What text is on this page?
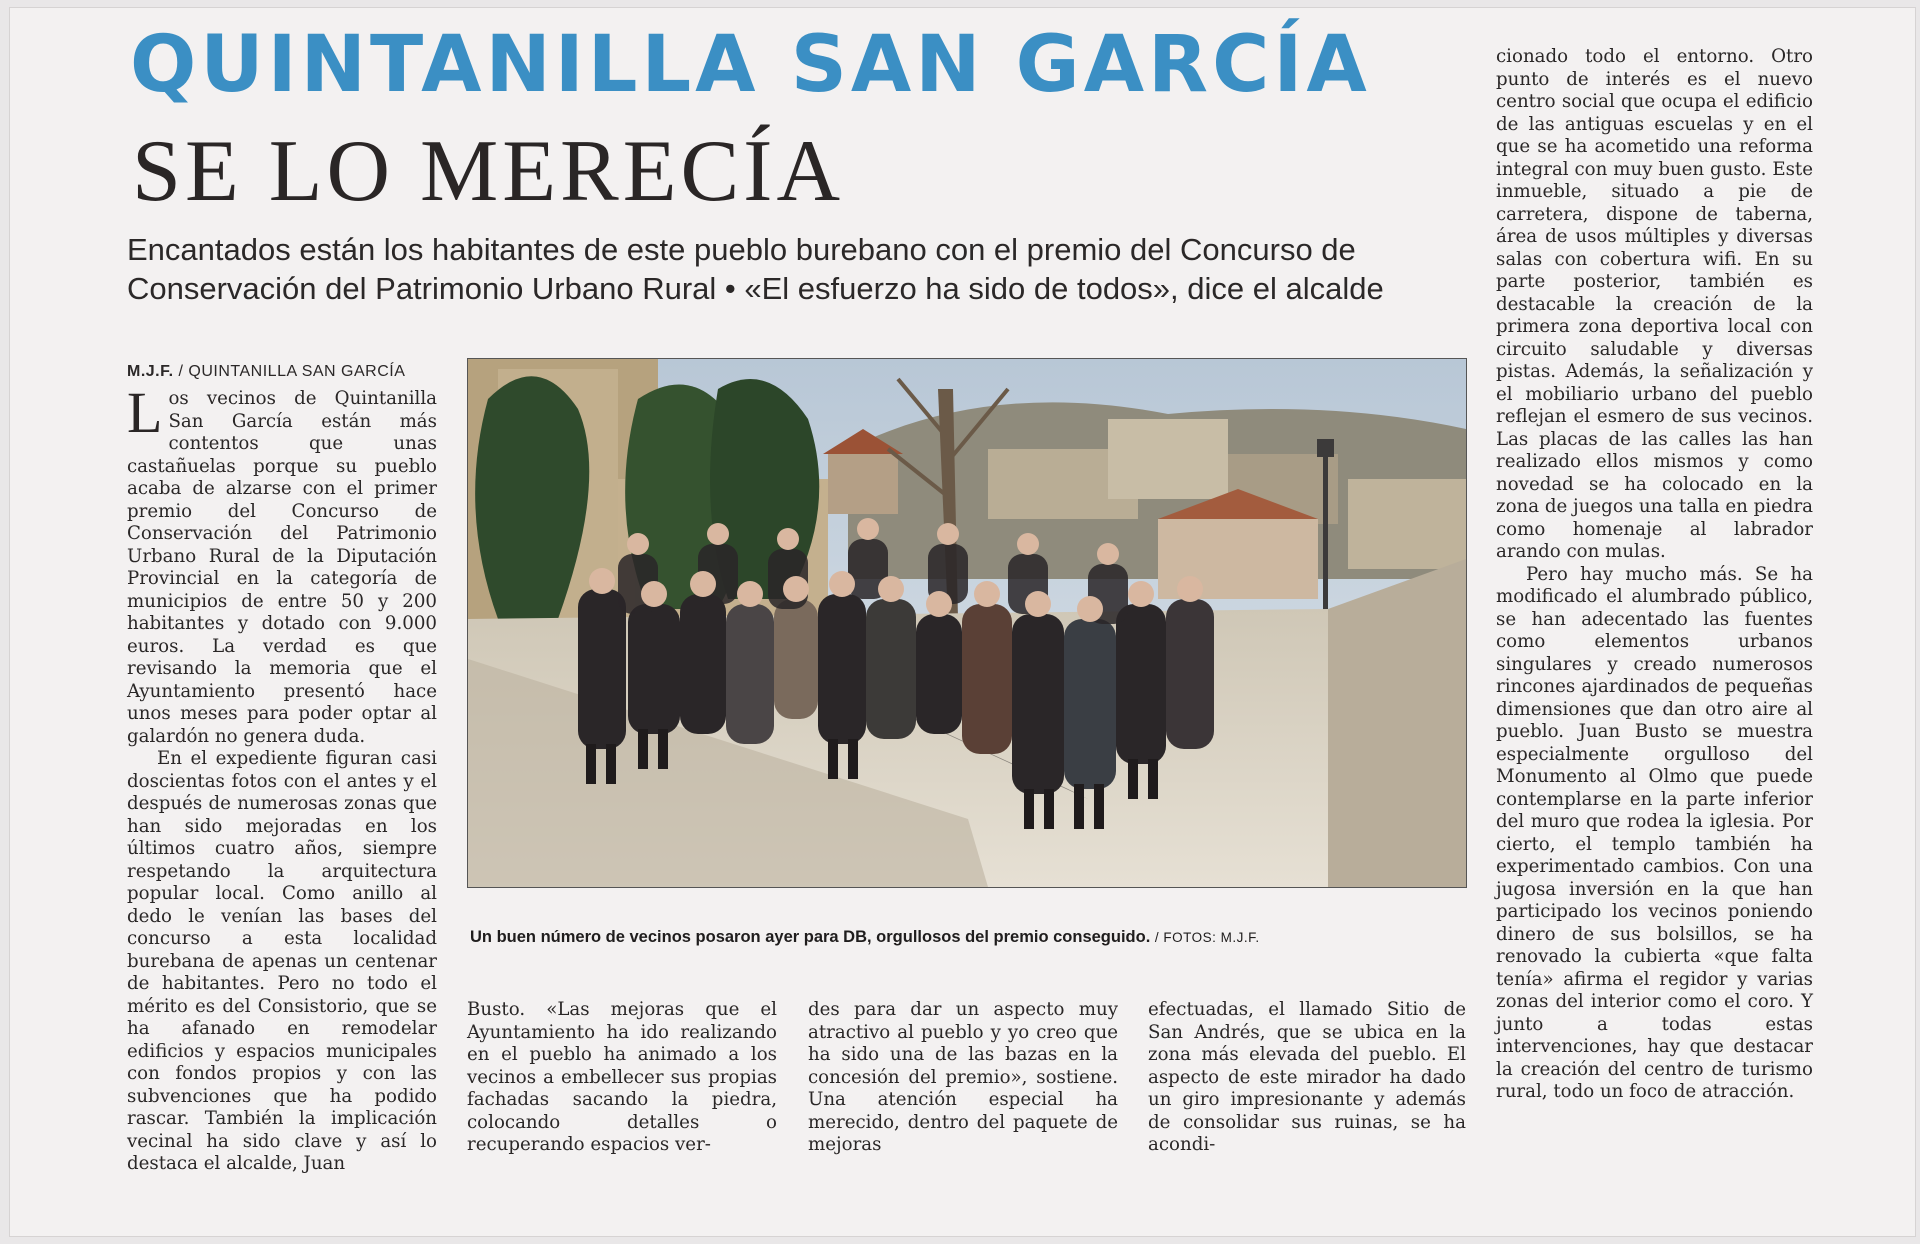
QUINTANILLA SAN GARCÍA
SE LO MERECÍA
Encantados están los habitantes de este pueblo burebano con el premio del Concurso de Conservación del Patrimonio Urbano Rural • «El esfuerzo ha sido de todos», dice el alcalde
M.J.F. / QUINTANILLA SAN GARCÍA

Los vecinos de Quintanilla San García están más contentos que unas castañuelas porque su pueblo acaba de alzarse con el primer premio del Concurso de Conservación del Patrimonio Urbano Rural de la Diputación Provincial en la categoría de municipios de entre 50 y 200 habitantes y dotado con 9.000 euros. La verdad es que revisando la memoria que el Ayuntamiento presentó hace unos meses para poder optar al galardón no genera duda.

En el expediente figuran casi doscientas fotos con el antes y el después de numerosas zonas que han sido mejoradas en los últimos cuatro años, siempre respetando la arquitectura popular local. Como anillo al dedo le venían las bases del concurso a esta localidad burebana de apenas un centenar de habitantes. Pero no todo el mérito es del Consistorio, que se ha afanado en remodelar edificios y espacios municipales con fondos propios y con las subvenciones que ha podido rascar. También la implicación vecinal ha sido clave y así lo destaca el alcalde, Juan

Un buen número de vecinos posaron ayer para DB, orgullosos del premio conseguido. / FOTOS: M.J.F.

Busto. «Las mejoras que el Ayuntamiento ha ido realizando en el pueblo ha animado a los vecinos a embellecer sus propias fachadas sacando la piedra, colocando detalles o recuperando espacios ver-

des para dar un aspecto muy atractivo al pueblo y yo creo que ha sido una de las bazas en la concesión del premio», sostiene. Una atención especial ha merecido, dentro del paquete de mejoras

efectuadas, el llamado Sitio de San Andrés, que se ubica en la zona más elevada del pueblo. El aspecto de este mirador ha dado un giro impresionante y además de consolidar sus ruinas, se ha acondi-

cionado todo el entorno. Otro punto de interés es el nuevo centro social que ocupa el edificio de las antiguas escuelas y en el que se ha acometido una reforma integral con muy buen gusto. Este inmueble, situado a pie de carretera, dispone de taberna, área de usos múltiples y diversas salas con cobertura wifi. En su parte posterior, también es destacable la creación de la primera zona deportiva local con circuito saludable y diversas pistas. Además, la señalización y el mobiliario urbano del pueblo reflejan el esmero de sus vecinos. Las placas de las calles las han realizado ellos mismos y como novedad se ha colocado en la zona de juegos una talla en piedra como homenaje al labrador arando con mulas.

Pero hay mucho más. Se ha modificado el alumbrado público, se han adecentado las fuentes como elementos urbanos singulares y creado numerosos rincones ajardinados de pequeñas dimensiones que dan otro aire al pueblo. Juan Busto se muestra especialmente orgulloso del Monumento al Olmo que puede contemplarse en la parte inferior del muro que rodea la iglesia. Por cierto, el templo también ha experimentado cambios. Con una jugosa inversión en la que han participado los vecinos poniendo dinero de sus bolsillos, se ha renovado la cubierta «que falta tenía» afirma el regidor y varias zonas del interior como el coro. Y junto a todas estas intervenciones, hay que destacar la creación del centro de turismo rural, todo un foco de atracción.
